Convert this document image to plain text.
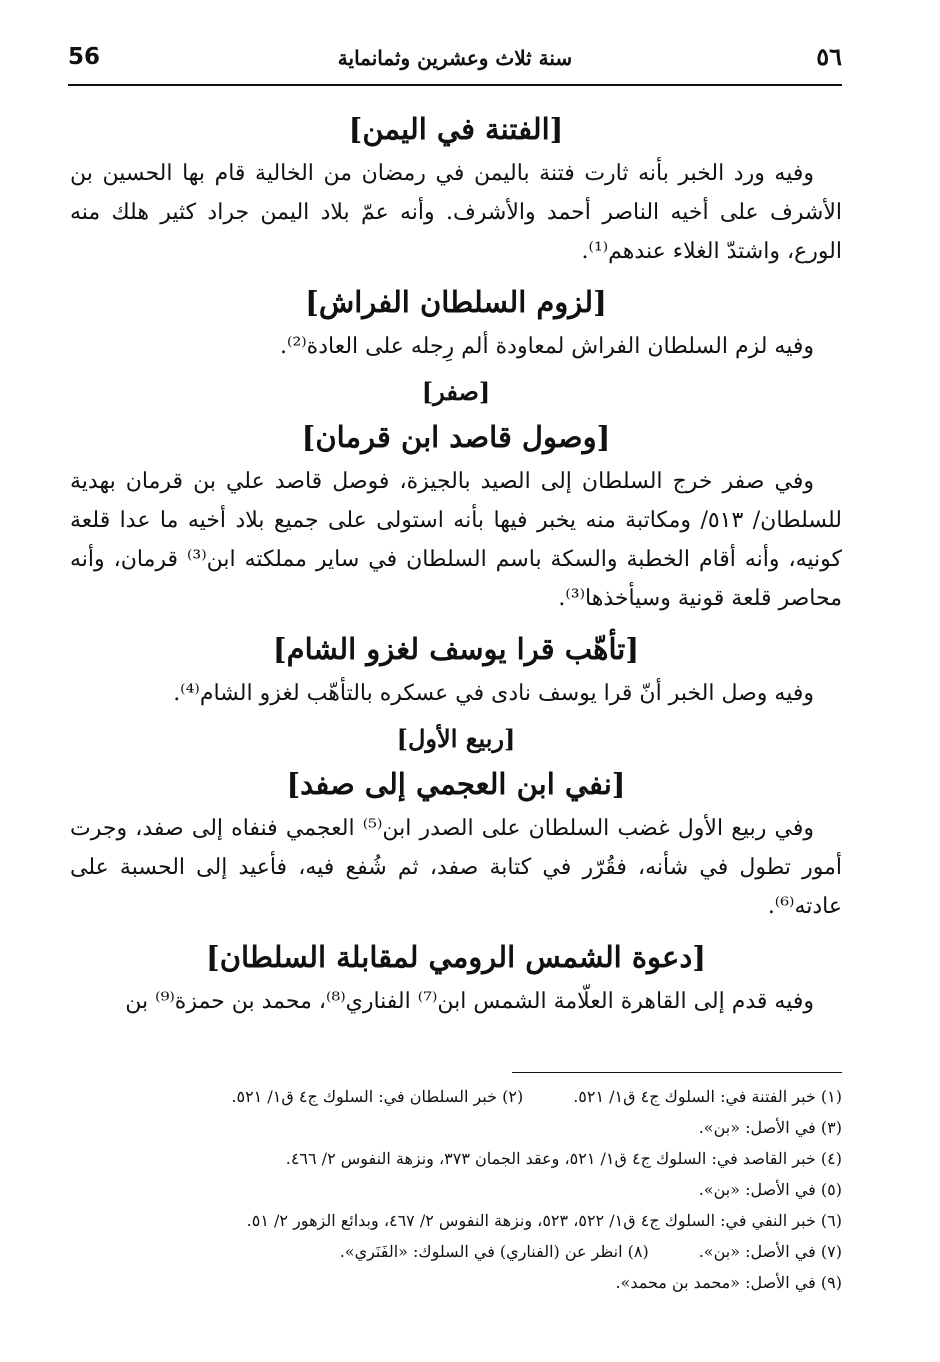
56	سنة ثلاث وعشرين وثمانماية	٥٦
[الفتنة في اليمن]

وفيه ورد الخبر بأنه ثارت فتنة باليمن في رمضان من الخالية قام بها الحسين بن الأشرف على أخيه الناصر أحمد والأشرف. وأنه عمّ بلاد اليمن جراد كثير هلك منه الورع، واشتدّ الغلاء عندهم⁽¹⁾.

[لزوم السلطان الفراش]

وفيه لزم السلطان الفراش لمعاودة ألم رِجله على العادة⁽²⁾.

[صفر]
[وصول قاصد ابن قرمان]

وفي صفر خرج السلطان إلى الصيد بالجيزة، فوصل قاصد علي بن قرمان بهدية للسلطان/ ٥١٣/ ومكاتبة منه يخبر فيها بأنه استولى على جميع بلاد أخيه ما عدا قلعة كونيه، وأنه أقام الخطبة والسكة باسم السلطان في ساير مملكته ابن⁽³⁾ قرمان، وأنه محاصر قلعة قونية وسيأخذها⁽³⁾.

[تأهّب قرا يوسف لغزو الشام]

وفيه وصل الخبر أنّ قرا يوسف نادى في عسكره بالتأهّب لغزو الشام⁽⁴⁾.

[ربيع الأول]
[نفي ابن العجمي إلى صفد]

وفي ربيع الأول غضب السلطان على الصدر ابن⁽⁵⁾ العجمي فنفاه إلى صفد، وجرت أمور تطول في شأنه، فقُرّر في كتابة صفد، ثم شُفع فيه، فأعيد إلى الحسبة على عادته⁽⁶⁾.

[دعوة الشمس الرومي لمقابلة السلطان]

وفيه قدم إلى القاهرة العلّامة الشمس ابن⁽⁷⁾ الفناري⁽⁸⁾، محمد بن حمزة⁽⁹⁾ بن

(١) خبر الفتنة في: السلوك ج٤ ق١/ ٥٢١.
(٢) خبر السلطان في: السلوك ج٤ ق١/ ٥٢١.
(٣) في الأصل: «بن».
(٤) خبر القاصد في: السلوك ج٤ ق١/ ٥٢١، وعقد الجمان ٣٧٣، ونزهة النفوس ٢/ ٤٦٦.
(٥) في الأصل: «بن».
(٦) خبر النفي في: السلوك ج٤ ق١/ ٥٢٢، ٥٢٣، ونزهة النفوس ٢/ ٤٦٧، وبدائع الزهور ٢/ ٥١.
(٧) في الأصل: «بن».
(٨) انظر عن (الفناري) في السلوك: «الفَنَري».
(٩) في الأصل: «محمد بن محمد».
